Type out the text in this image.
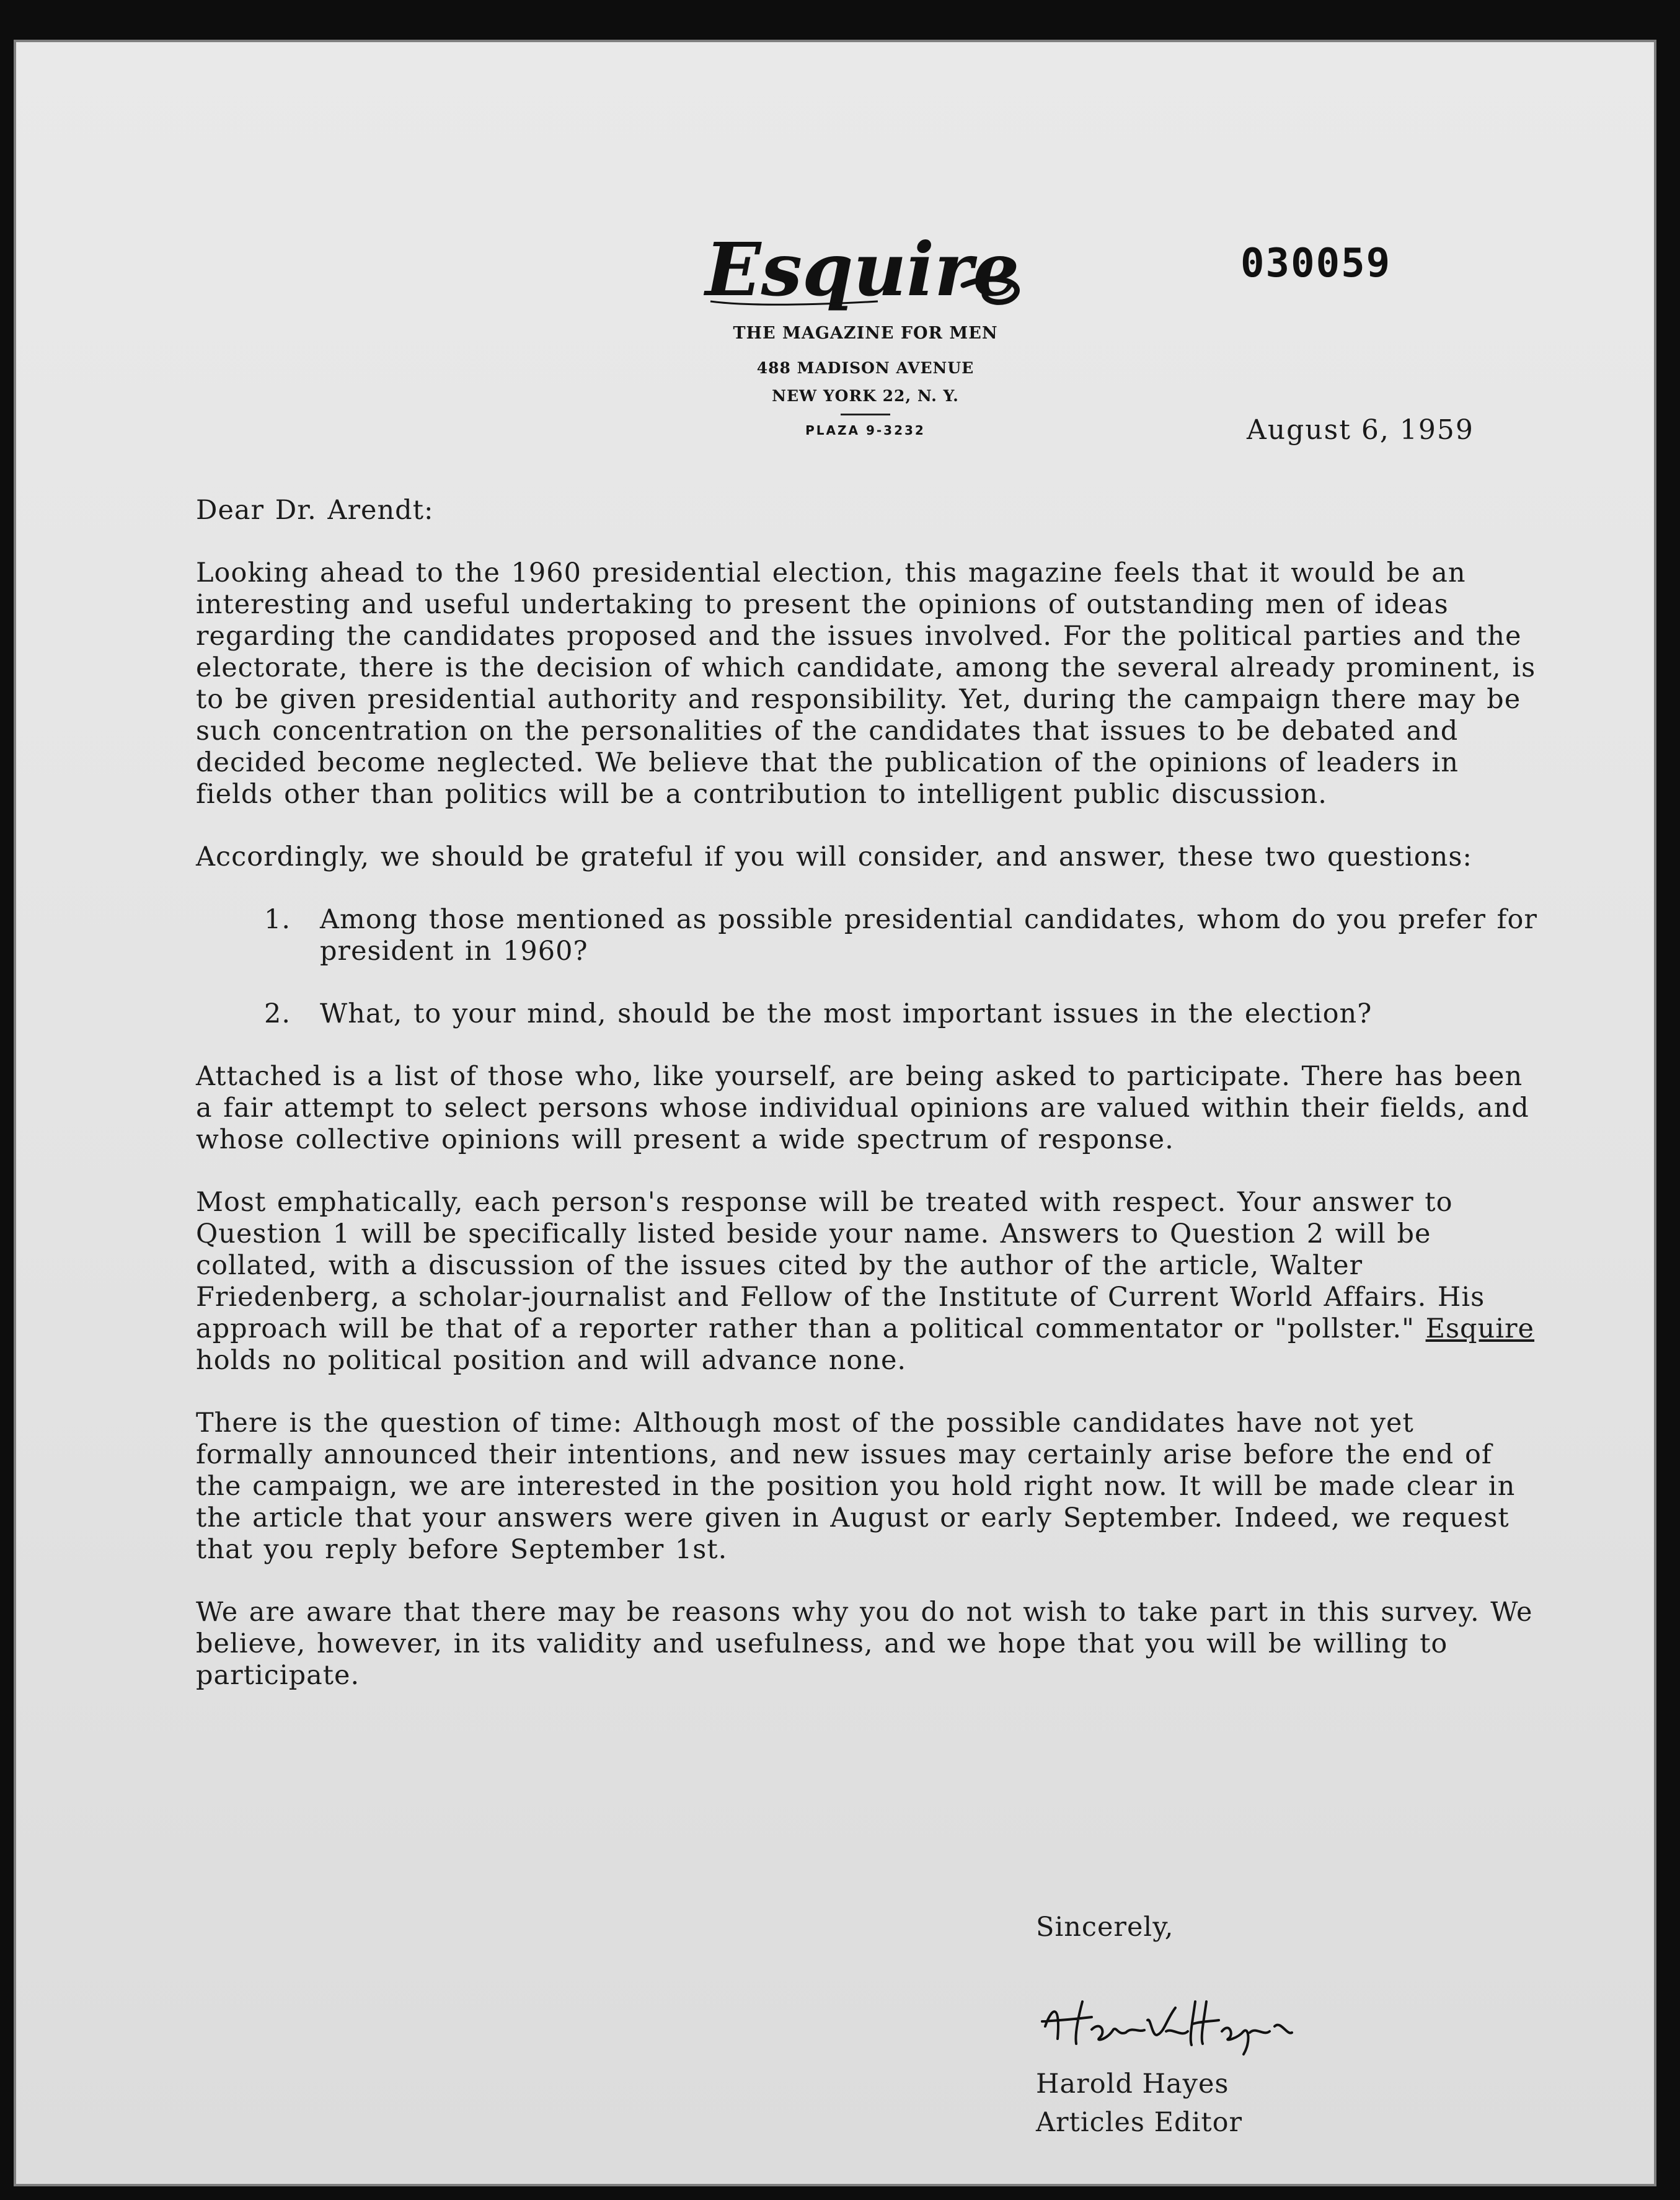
Esquire
THE MAGAZINE FOR MEN
488 MADISON AVENUE
NEW YORK 22, N. Y.
PLAZA 9-3232
030059
August 6, 1959

Dear Dr. Arendt:

Looking ahead to the 1960 presidential election, this magazine feels that it would be an interesting and useful undertaking to present the opinions of outstanding men of ideas regarding the candidates proposed and the issues involved. For the political parties and the electorate, there is the decision of which candidate, among the several already prominent, is to be given presidential authority and responsibility. Yet, during the campaign there may be such concentration on the personalities of the candidates that issues to be debated and decided become neglected. We believe that the publication of the opinions of leaders in fields other than politics will be a contribution to intelligent public discussion.

Accordingly, we should be grateful if you will consider, and answer, these two questions:

1. Among those mentioned as possible presidential candidates, whom do you prefer for president in 1960?
2. What, to your mind, should be the most important issues in the election?

Attached is a list of those who, like yourself, are being asked to participate. There has been a fair attempt to select persons whose individual opinions are valued within their fields, and whose collective opinions will present a wide spectrum of response.

Most emphatically, each person's response will be treated with respect. Your answer to Question 1 will be specifically listed beside your name. Answers to Question 2 will be collated, with a discussion of the issues cited by the author of the article, Walter Friedenberg, a scholar-journalist and Fellow of the Institute of Current World Affairs. His approach will be that of a reporter rather than a political commentator or "pollster." Esquire holds no political position and will advance none.

There is the question of time: Although most of the possible candidates have not yet formally announced their intentions, and new issues may certainly arise before the end of the campaign, we are interested in the position you hold right now. It will be made clear in the article that your answers were given in August or early September. Indeed, we request that you reply before September 1st.

We are aware that there may be reasons why you do not wish to take part in this survey. We believe, however, in its validity and usefulness, and we hope that you will be willing to participate.

Sincerely,
Harold Hayes
Articles Editor
